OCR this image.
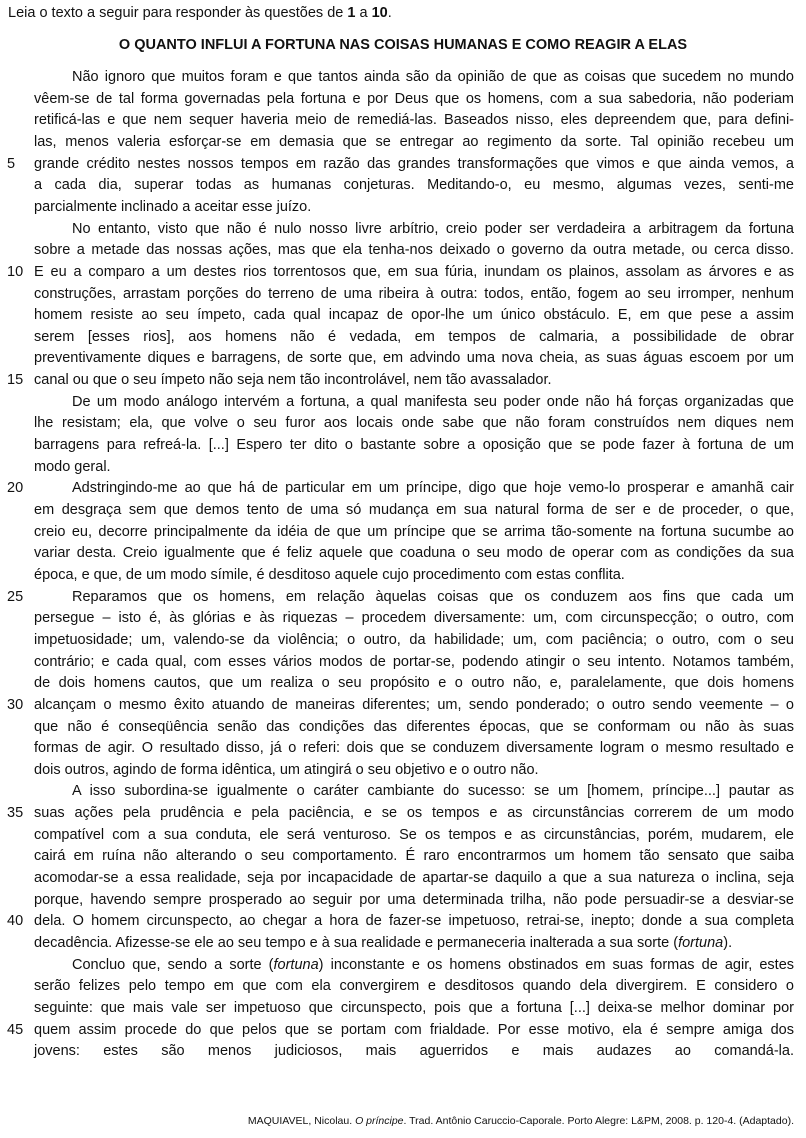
Leia o texto a seguir para responder às questões de 1 a 10.
O QUANTO INFLUI A FORTUNA NAS COISAS HUMANAS E COMO REAGIR A ELAS
Não ignoro que muitos foram e que tantos ainda são da opinião de que as coisas que sucedem no mundo
vêem-se de tal forma governadas pela fortuna e por Deus que os homens, com a sua sabedoria, não poderiam
retificá-las e que nem sequer haveria meio de remediá-las. Baseados nisso, eles depreendem que, para defini-
las, menos valeria esforçar-se em demasia que se entregar ao regimento da sorte. Tal opinião recebeu um
grande crédito nestes nossos tempos em razão das grandes transformações que vimos e que ainda vemos, a
a cada dia, superar todas as humanas conjeturas. Meditando-o, eu mesmo, algumas vezes, senti-me
parcialmente inclinado a aceitar esse juízo.
No entanto, visto que não é nulo nosso livre arbítrio, creio poder ser verdadeira a arbitragem da fortuna
sobre a metade das nossas ações, mas que ela tenha-nos deixado o governo da outra metade, ou cerca disso.
E eu a comparo a um destes rios torrentosos que, em sua fúria, inundam os plainos, assolam as árvores e as
construções, arrastam porções do terreno de uma ribeira à outra: todos, então, fogem ao seu irromper, nenhum
homem resiste ao seu ímpeto, cada qual incapaz de opor-lhe um único obstáculo. E, em que pese a assim
serem [esses rios], aos homens não é vedada, em tempos de calmaria, a possibilidade de obrar
preventivamente diques e barragens, de sorte que, em advindo uma nova cheia, as suas águas escoem por um
canal ou que o seu ímpeto não seja nem tão incontrolável, nem tão avassalador.
De um modo análogo intervém a fortuna, a qual manifesta seu poder onde não há forças organizadas que
lhe resistam; ela, que volve o seu furor aos locais onde sabe que não foram construídos nem diques nem
barragens para refreá-la. [...] Espero ter dito o bastante sobre a oposição que se pode fazer à fortuna de um
modo geral.
Adstringindo-me ao que há de particular em um príncipe, digo que hoje vemo-lo prosperar e amanhã cair
em desgraça sem que demos tento de uma só mudança em sua natural forma de ser e de proceder, o que,
creio eu, decorre principalmente da idéia de que um príncipe que se arrima tão-somente na fortuna sucumbe ao
variar desta. Creio igualmente que é feliz aquele que coaduna o seu modo de operar com as condições da sua
época, e que, de um modo símile, é desditoso aquele cujo procedimento com estas conflita.
Reparamos que os homens, em relação àquelas coisas que os conduzem aos fins que cada um
persegue – isto é, às glórias e às riquezas – procedem diversamente: um, com circunspecção; o outro, com
impetuosidade; um, valendo-se da violência; o outro, da habilidade; um, com paciência; o outro, com o seu
contrário; e cada qual, com esses vários modos de portar-se, podendo atingir o seu intento. Notamos também,
de dois homens cautos, que um realiza o seu propósito e o outro não, e, paralelamente, que dois homens
alcançam o mesmo êxito atuando de maneiras diferentes; um, sendo ponderado; o outro sendo veemente – o
que não é conseqüência senão das condições das diferentes épocas, que se conformam ou não às suas
formas de agir. O resultado disso, já o referi: dois que se conduzem diversamente logram o mesmo resultado e
dois outros, agindo de forma idêntica, um atingirá o seu objetivo e o outro não.
A isso subordina-se igualmente o caráter cambiante do sucesso: se um [homem, príncipe...] pautar as
suas ações pela prudência e pela paciência, e se os tempos e as circunstâncias correrem de um modo
compatível com a sua conduta, ele será venturoso. Se os tempos e as circunstâncias, porém, mudarem, ele
cairá em ruína não alterando o seu comportamento. É raro encontrarmos um homem tão sensato que saiba
acomodar-se a essa realidade, seja por incapacidade de apartar-se daquilo a que a sua natureza o inclina, seja
porque, havendo sempre prosperado ao seguir por uma determinada trilha, não pode persuadir-se a desviar-se
dela. O homem circunspecto, ao chegar a hora de fazer-se impetuoso, retrai-se, inepto; donde a sua completa
decadência. Afizesse-se ele ao seu tempo e à sua realidade e permaneceria inalterada a sua sorte (fortuna).
Concluo que, sendo a sorte (fortuna) inconstante e os homens obstinados em suas formas de agir, estes
serão felizes pelo tempo em que com ela convergirem e desditosos quando dela divergirem. E considero o
seguinte: que mais vale ser impetuoso que circunspecto, pois que a fortuna [...] deixa-se melhor dominar por
quem assim procede do que pelos que se portam com frialdade. Por esse motivo, ela é sempre amiga dos
jovens: estes são menos judiciosos, mais aguerridos e mais audazes ao comandá-la.
5
10
15
20
25
30
35
40
45
MAQUIAVEL, Nicolau. O príncipe. Trad. Antônio Caruccio-Caporale. Porto Alegre: L&PM, 2008. p. 120-4. (Adaptado).
